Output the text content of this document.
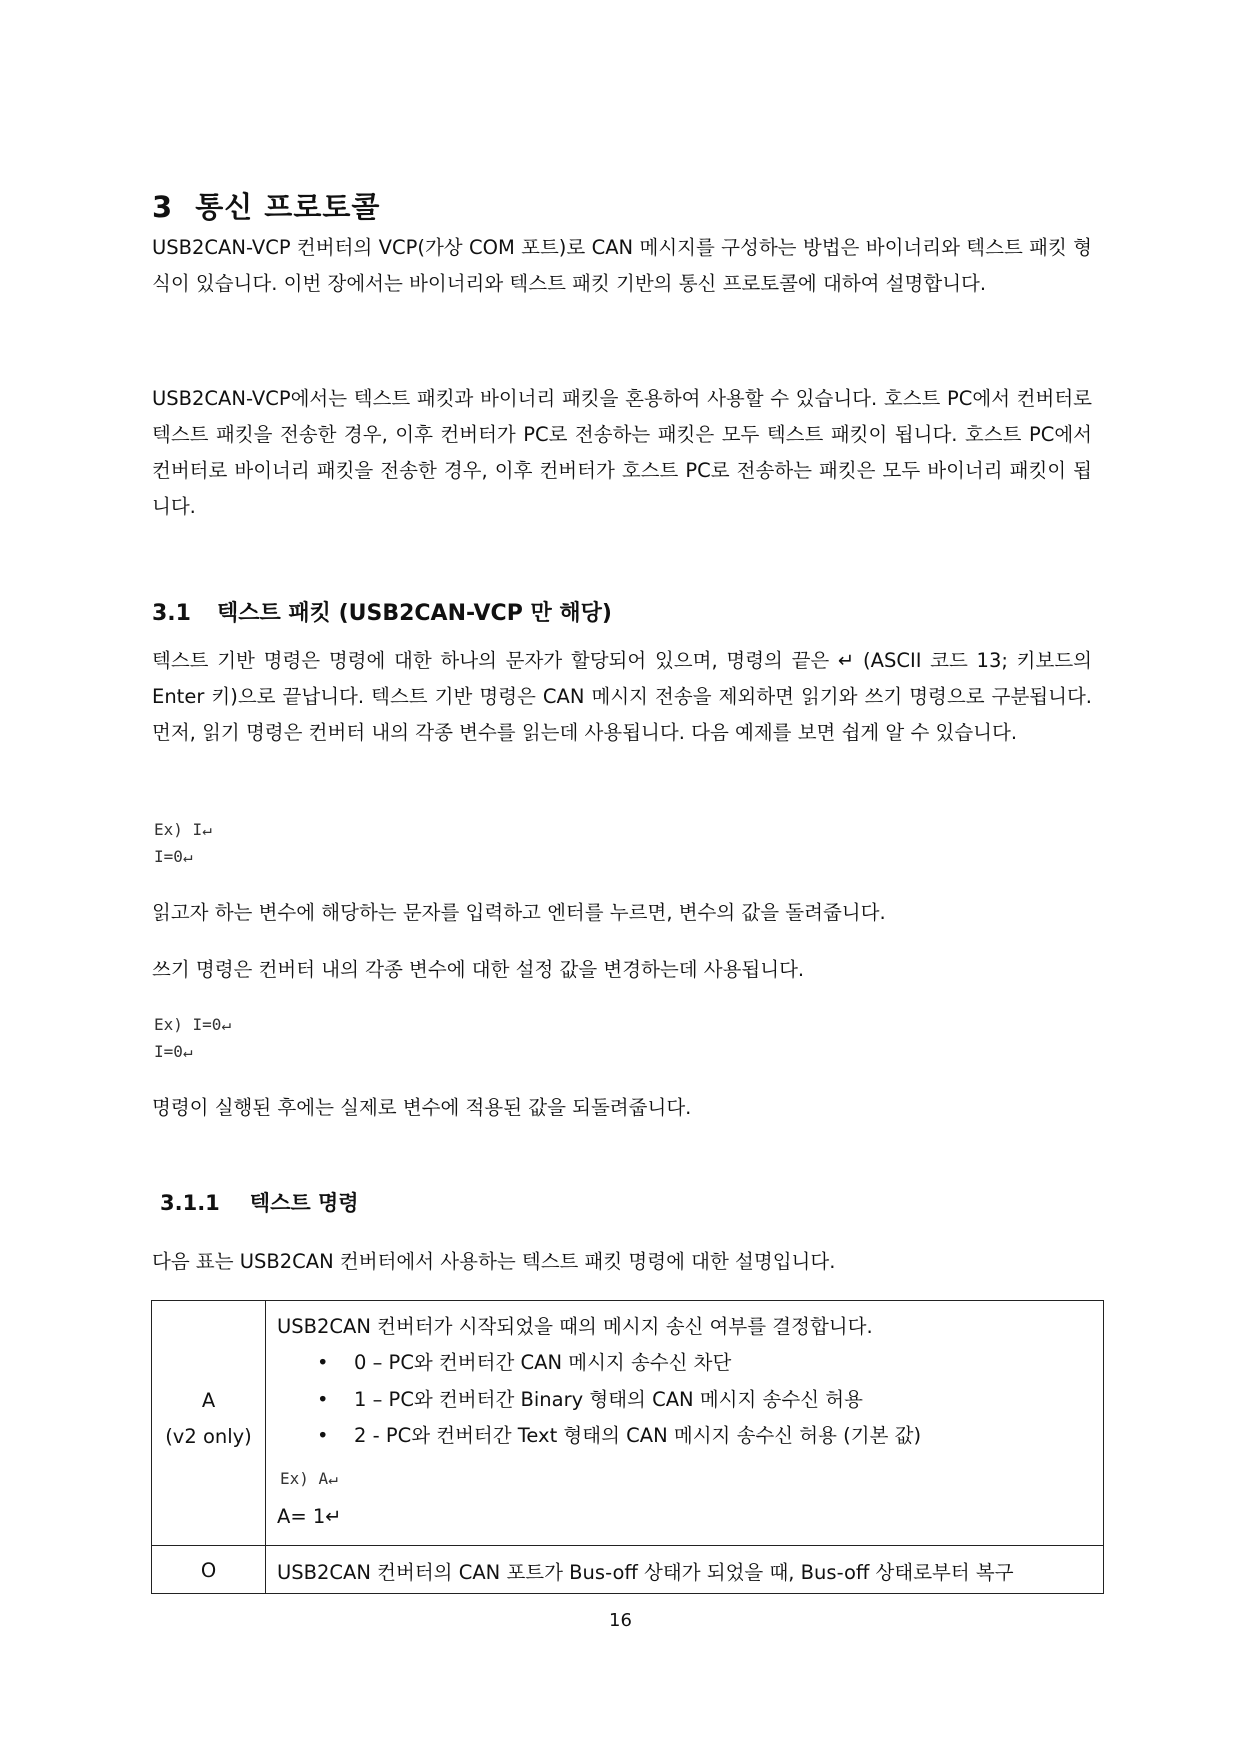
3 통신 프로토콜
USB2CAN-VCP 컨버터의 VCP(가상 COM 포트)로 CAN 메시지를 구성하는 방법은 바이너리와 텍스트 패킷 형식이 있습니다. 이번 장에서는 바이너리와 텍스트 패킷 기반의 통신 프로토콜에 대하여 설명합니다.
USB2CAN-VCP에서는 텍스트 패킷과 바이너리 패킷을 혼용하여 사용할 수 있습니다. 호스트 PC에서 컨버터로 텍스트 패킷을 전송한 경우, 이후 컨버터가 PC로 전송하는 패킷은 모두 텍스트 패킷이 됩니다. 호스트 PC에서 컨버터로 바이너리 패킷을 전송한 경우, 이후 컨버터가 호스트 PC로 전송하는 패킷은 모두 바이너리 패킷이 됩니다.
3.1 텍스트 패킷 (USB2CAN-VCP 만 해당)
텍스트 기반 명령은 명령에 대한 하나의 문자가 할당되어 있으며, 명령의 끝은 ↵ (ASCII 코드 13; 키보드의 Enter 키)으로 끝납니다. 텍스트 기반 명령은 CAN 메시지 전송을 제외하면 읽기와 쓰기 명령으로 구분됩니다. 먼저, 읽기 명령은 컨버터 내의 각종 변수를 읽는데 사용됩니다. 다음 예제를 보면 쉽게 알 수 있습니다.
Ex) I↵
I=0↵
읽고자 하는 변수에 해당하는 문자를 입력하고 엔터를 누르면, 변수의 값을 돌려줍니다.
쓰기 명령은 컨버터 내의 각종 변수에 대한 설정 값을 변경하는데 사용됩니다.
Ex) I=0↵
I=0↵
명령이 실행된 후에는 실제로 변수에 적용된 값을 되돌려줍니다.
3.1.1 텍스트 명령
다음 표는 USB2CAN 컨버터에서 사용하는 텍스트 패킷 명령에 대한 설명입니다.
A
(v2 only)
USB2CAN 컨버터가 시작되었을 때의 메시지 송신 여부를 결정합니다.
• 0 – PC와 컨버터간 CAN 메시지 송수신 차단
• 1 – PC와 컨버터간 Binary 형태의 CAN 메시지 송수신 허용
• 2 - PC와 컨버터간 Text 형태의 CAN 메시지 송수신 허용 (기본 값)
Ex) A↵
A= 1↵
O	USB2CAN 컨버터의 CAN 포트가 Bus-off 상태가 되었을 때, Bus-off 상태로부터 복구
16
